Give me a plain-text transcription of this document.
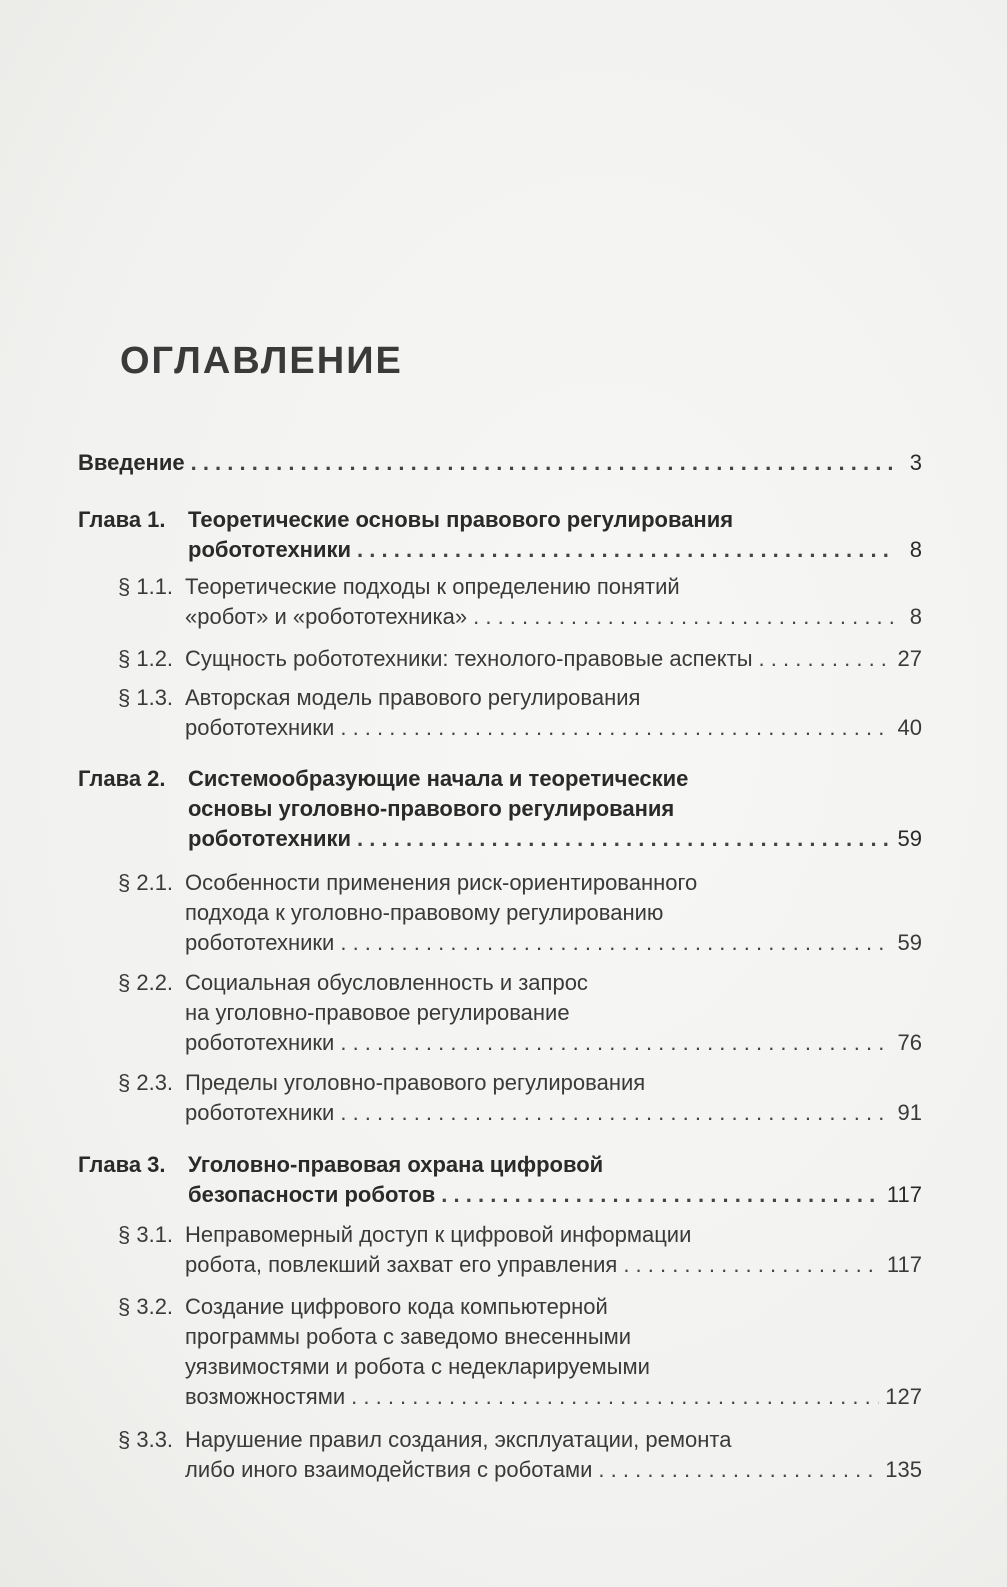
ОГЛАВЛЕНИЕ
Введение . . .	3
Глава 1. Теоретические основы правового регулирования
робототехники . . .	8
§ 1.1. Теоретические подходы к определению понятий
«робот» и «робототехника» . . .	8
§ 1.2. Сущность робототехники: технолого-правовые аспекты . . .	27
§ 1.3. Авторская модель правового регулирования
робототехники . . .	40
Глава 2. Системообразующие начала и теоретические
основы уголовно-правового регулирования
робототехники . . .	59
§ 2.1. Особенности применения риск-ориентированного
подхода к уголовно-правовому регулированию
робототехники . . .	59
§ 2.2. Социальная обусловленность и запрос
на уголовно-правовое регулирование
робототехники . . .	76
§ 2.3. Пределы уголовно-правового регулирования
робототехники . . .	91
Глава 3. Уголовно-правовая охрана цифровой
безопасности роботов . . .	117
§ 3.1. Неправомерный доступ к цифровой информации
робота, повлекший захват его управления . . .	117
§ 3.2. Создание цифрового кода компьютерной
программы робота с заведомо внесенными
уязвимостями и робота с недекларируемыми
возможностями . . .	127
§ 3.3. Нарушение правил создания, эксплуатации, ремонта
либо иного взаимодействия с роботами . . .	135
